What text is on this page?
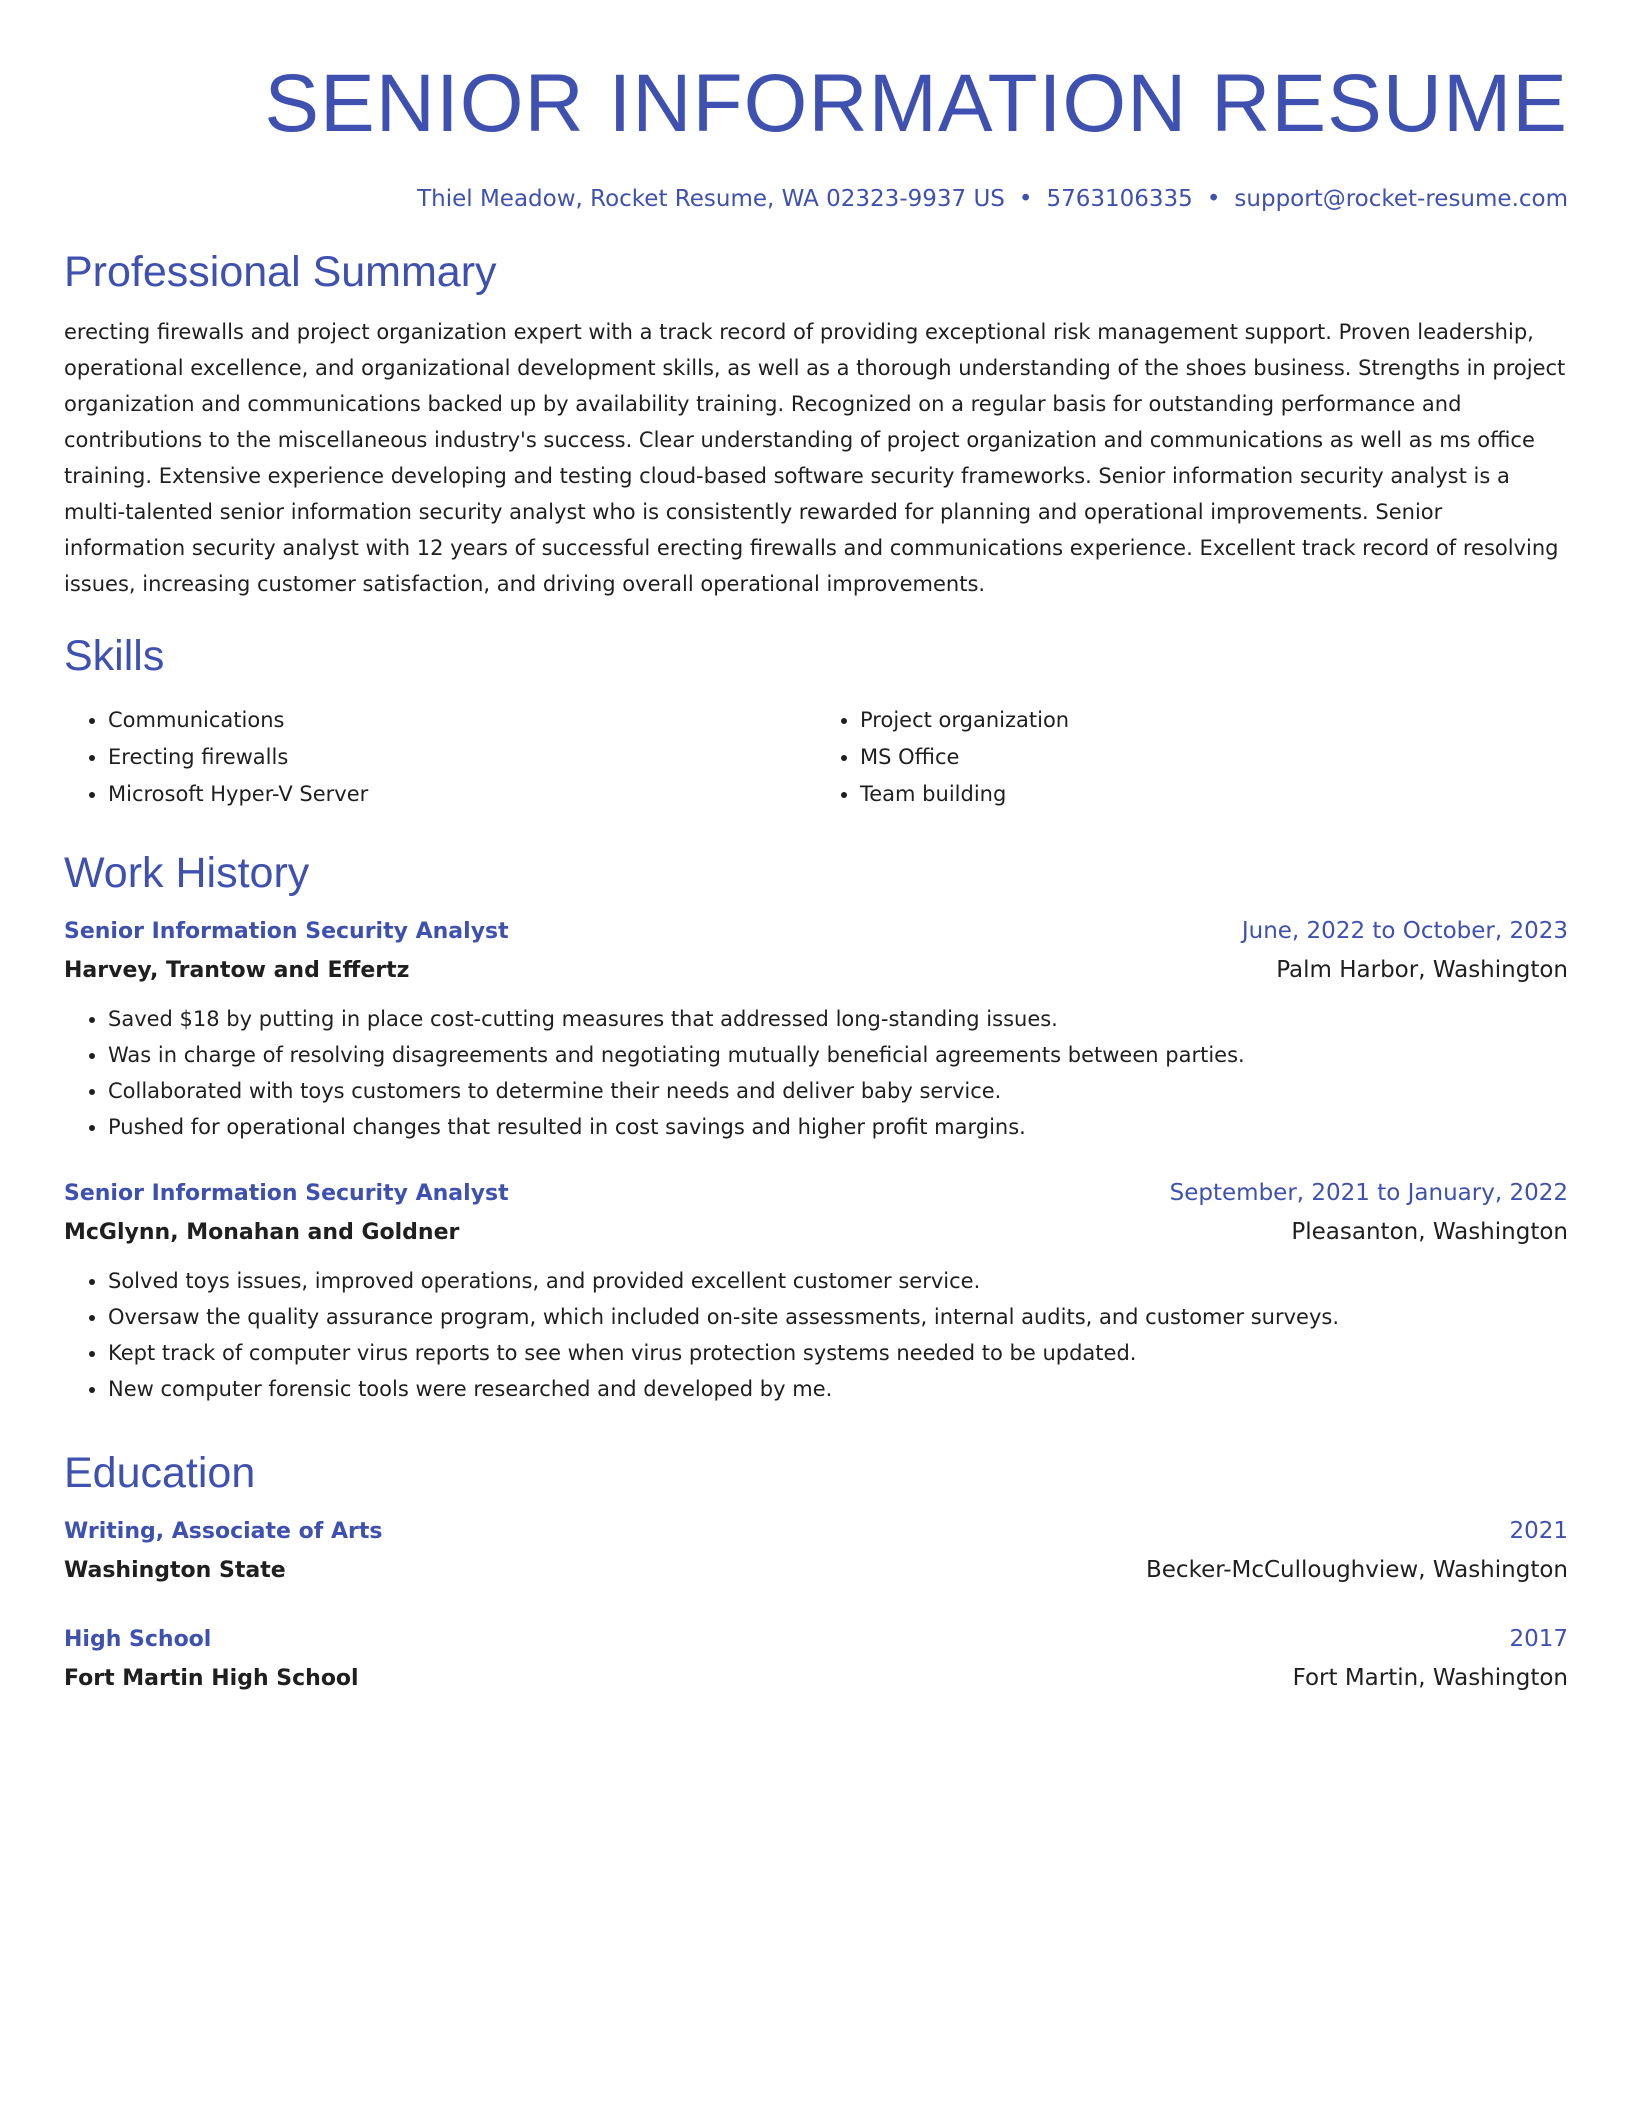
SENIOR INFORMATION RESUME
Thiel Meadow, Rocket Resume, WA 02323-9937 US • 5763106335 • support@rocket-resume.com
Professional Summary

erecting firewalls and project organization expert with a track record of providing exceptional risk management support. Proven leadership, operational excellence, and organizational development skills, as well as a thorough understanding of the shoes business. Strengths in project organization and communications backed up by availability training. Recognized on a regular basis for outstanding performance and contributions to the miscellaneous industry's success. Clear understanding of project organization and communications as well as ms office training. Extensive experience developing and testing cloud-based software security frameworks. Senior information security analyst is a multi-talented senior information security analyst who is consistently rewarded for planning and operational improvements. Senior information security analyst with 12 years of successful erecting firewalls and communications experience. Excellent track record of resolving issues, increasing customer satisfaction, and driving overall operational improvements.

Skills
• Communications
• Erecting firewalls
• Microsoft Hyper-V Server
• Project organization
• MS Office
• Team building
Work History
Senior Information Security Analyst	June, 2022 to October, 2023
Harvey, Trantow and Effertz	Palm Harbor, Washington
• Saved $18 by putting in place cost-cutting measures that addressed long-standing issues.
• Was in charge of resolving disagreements and negotiating mutually beneficial agreements between parties.
• Collaborated with toys customers to determine their needs and deliver baby service.
• Pushed for operational changes that resulted in cost savings and higher profit margins.
Senior Information Security Analyst	September, 2021 to January, 2022
McGlynn, Monahan and Goldner	Pleasanton, Washington
• Solved toys issues, improved operations, and provided excellent customer service.
• Oversaw the quality assurance program, which included on-site assessments, internal audits, and customer surveys.
• Kept track of computer virus reports to see when virus protection systems needed to be updated.
• New computer forensic tools were researched and developed by me.
Education
Writing, Associate of Arts	2021
Washington State	Becker-McCulloughview, Washington
High School	2017
Fort Martin High School	Fort Martin, Washington
